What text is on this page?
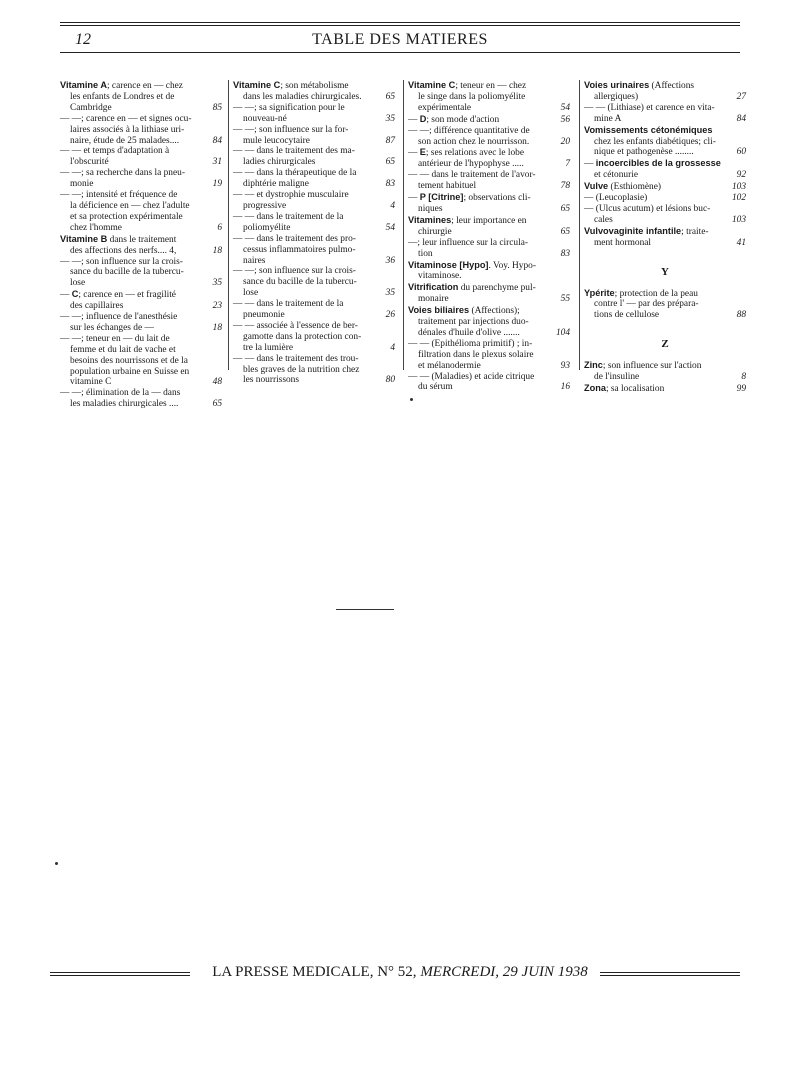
12	TABLE DES MATIERES
Vitamine A; carence en — chez
les enfants de Londres et de
Cambridge	85
— —; carence en — et signes ocu-
laires associés à la lithiase uri-
naire, étude de 25 malades....	84
— — et temps d'adaptation à
l'obscurité	31
— —; sa recherche dans la pneu-
monie	19
— —; intensité et fréquence de
la déficience en — chez l'adulte
et sa protection expérimentale
chez l'homme	6
Vitamine B dans le traitement
des affections des nerfs.... 4,	18
— —; son influence sur la crois-
sance du bacille de la tubercu-
lose	35
— C; carence en — et fragilité
des capillaires	23
— —; influence de l'anesthésie
sur les échanges de —	18
— —; teneur en — du lait de
femme et du lait de vache et
besoins des nourrissons et de la
population urbaine en Suisse en
vitamine C	48
— —; élimination de la — dans
les maladies chirurgicales ....	65
Vitamine C; son métabolisme
dans les maladies chirurgicales.	65
— —; sa signification pour le
nouveau-né	35
— —; son influence sur la for-
mule leucocytaire	87
— — dans le traitement des ma-
ladies chirurgicales	65
— — dans la thérapeutique de la
diphtérie maligne	83
— — et dystrophie musculaire
progressive	4
— — dans le traitement de la
poliomyélite	54
— — dans le traitement des pro-
cessus inflammatoires pulmo-
naires	36
— —; son influence sur la crois-
sance du bacille de la tubercu-
lose	35
— — dans le traitement de la
pneumonie	26
— — associée à l'essence de ber-
gamotte dans la protection con-
tre la lumière	4
— — dans le traitement des trou-
bles graves de la nutrition chez
les nourrissons	80
Vitamine C; teneur en — chez
le singe dans la poliomyélite
expérimentale	54
— D; son mode d'action	56
— —; différence quantitative de
son action chez le nourrisson.	20
— E; ses relations avec le lobe
antérieur de l'hypophyse .....	7
— — dans le traitement de l'avor-
tement habituel	78
— P [Citrine]; observations cli-
niques	65
Vitamines; leur importance en
chirurgie	65
—; leur influence sur la circula-
tion	83
Vitaminose [Hypo]. Voy. Hypo-
vitaminose.
Vitrification du parenchyme pul-
monaire	55
Voies biliaires (Affections);
traitement par injections duo-
dénales d'huile d'olive .......	104
— — (Epithélioma primitif) ; in-
filtration dans le plexus solaire
et mélanodermie	93
— — (Maladies) et acide citrique
du sérum	16
Voies urinaires (Affections
allergiques)	27
— — (Lithiase) et carence en vita-
mine A	84
Vomissements cétonémiques
chez les enfants diabétiques; cli-
nique et pathogenèse ........	60
— incoercibles de la grossesse
et cétonurie	92
Vulve (Esthiomène)	103
— (Leucoplasie)	102
— (Ulcus acutum) et lésions buc-
cales	103
Vulvovaginite infantile; traite-
ment hormonal	41
Y
Ypérite; protection de la peau
contre l' — par des prépara-
tions de cellulose	88
Z
Zinc; son influence sur l'action
de l'insuline	8
Zona; sa localisation	99
LA PRESSE MEDICALE, N° 52, MERCREDI, 29 JUIN 1938
